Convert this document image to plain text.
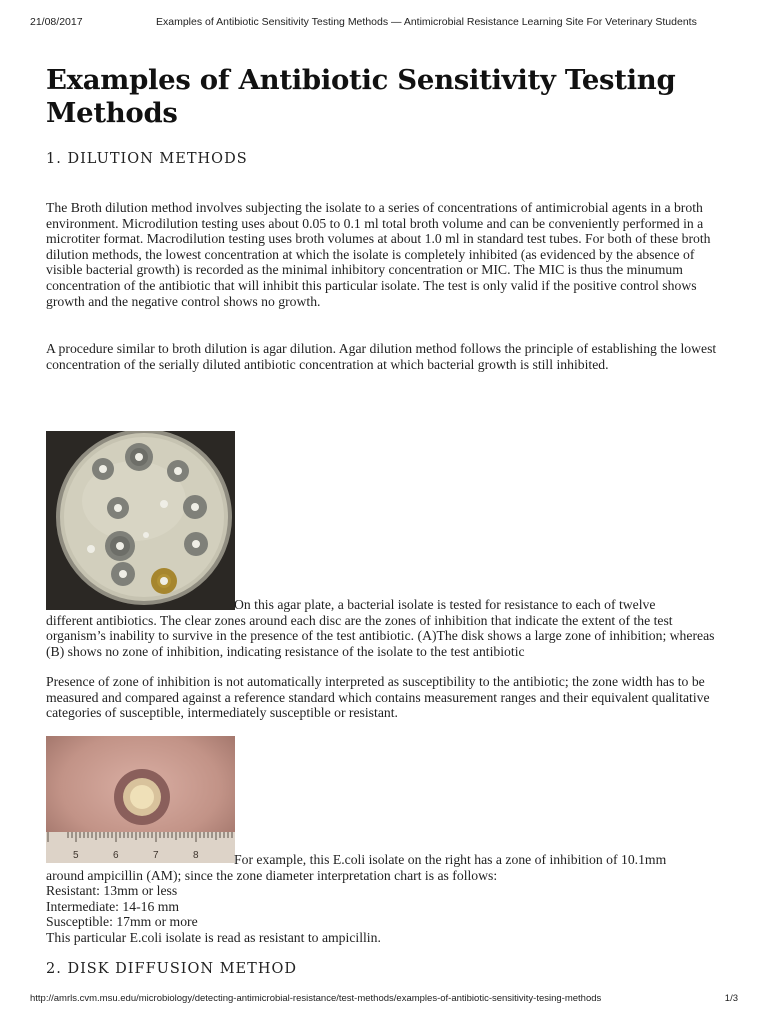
21/08/2017	Examples of Antibiotic Sensitivity Testing Methods — Antimicrobial Resistance Learning Site For Veterinary Students
Examples of Antibiotic Sensitivity Testing Methods
1. DILUTION METHODS

The Broth dilution method involves subjecting the isolate to a series of concentrations of antimicrobial agents in a broth environment. Microdilution testing uses about 0.05 to 0.1 ml total broth volume and can be conveniently performed in a microtiter format. Macrodilution testing uses broth volumes at about 1.0 ml in standard test tubes. For both of these broth dilution methods, the lowest concentration at which the isolate is completely inhibited (as evidenced by the absence of visible bacterial growth) is recorded as the minimal inhibitory concentration or MIC. The MIC is thus the minumum concentration of the antibiotic that will inhibit this particular isolate. The test is only valid if the positive control shows growth and the negative control shows no growth.

A procedure similar to broth dilution is agar dilution. Agar dilution method follows the principle of establishing the lowest concentration of the serially diluted antibiotic concentration at which bacterial growth is still inhibited.

On this agar plate, a bacterial isolate is tested for resistance to each of twelve
different antibiotics. The clear zones around each disc are the zones of inhibition that indicate the extent of the test organism’s inability to survive in the presence of the test antibiotic. (A)The disk shows a large zone of inhibition; whereas (B) shows no zone of inhibition, indicating resistance of the isolate to the test antibiotic

Presence of zone of inhibition is not automatically interpreted as susceptibility to the antibiotic; the zone width has to be measured and compared against a reference standard which contains measurement ranges and their equivalent qualitative categories of susceptible, intermediately susceptible or resistant.

5	6	7	8	For example, this E.coli isolate on the right has a zone of inhibition of 10.1mm
around ampicillin (AM); since the zone diameter interpretation chart is as follows:
Resistant: 13mm or less
Intermediate: 14-16 mm
Susceptible: 17mm or more
This particular E.coli isolate is read as resistant to ampicillin.

2. DISK DIFFUSION METHOD
http://amrls.cvm.msu.edu/microbiology/detecting-antimicrobial-resistance/test-methods/examples-of-antibiotic-sensitivity-tesing-methods	1/3
